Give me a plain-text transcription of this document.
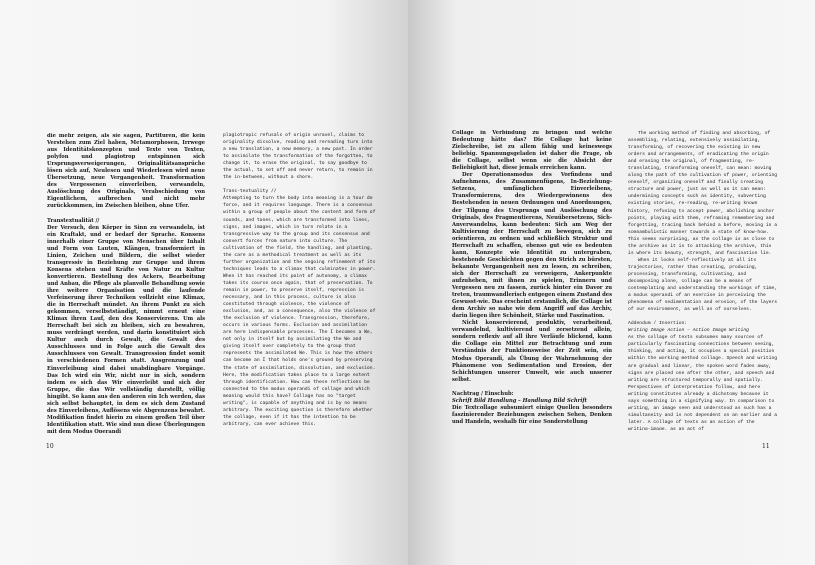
die mehr zeigen, als sie sagen, Partituren, die kein Verstehen zum Ziel haben, Metamorphosen, Irrwege aus Identitätskonzepten und Texte von Texten, polyfon und plagiotrop entspinnen sich Ursprungsverweigerungen, Originalitätsansprüche lösen sich auf, Neulesen und Wiederlesen wird neue Übersetzung, neue Vergangenheit. Transformation des Vergessenen einverleiben, verwandeln, Auslöschung des Originals, Verabschiedung von Eigentlichem, aufbrechen und nicht mehr zurückkommen, im Zwischen bleiben, ohne Ufer.

Transtextualität //

Der Versuch, den Körper in Sinn zu verwandeln, ist ein Kraftakt, und er bedarf der Sprache. Konsens innerhalb einer Gruppe von Menschen über Inhalt und Form von Lauten, Klängen, transformiert in Linien, Zeichen und Bildern, die selbst wieder transgressiv in Beziehung zur Gruppe und ihrem Konsens stehen und Kräfte von Natur zu Kultur konvertieren. Bestellung des Ackers, Bearbeitung und Anbau, die Pflege als planvolle Behandlung sowie ihre weitere Organisation und die laufende Verfeinerung ihrer Techniken vollzieht eine Klimax, die in Herrschaft mündet. An ihrem Punkt zu sich gekommen, verselbstständigt, nimmt erneut eine Klimax ihren Lauf, den des Konservierens. Um als Herrschaft bei sich zu bleiben, sich zu bewahren, muss verdrängt werden, und darin konstituiert sich Kultur auch durch Gewalt, die Gewalt des Ausschlusses und in Folge auch die Gewalt des Ausschlusses von Gewalt. Transgression findet somit in verschiedenen Formen statt. Ausgrenzung und Einverleibung sind dabei unabdingbare Vorgänge. Das Ich wird ein Wir, nicht nur in sich, sondern indem es sich das Wir einverleibt und sich der Gruppe, die das Wir vollständig darstellt, völlig hingibt. So kann aus den anderen ein Ich werden, das sich selbst behauptet, in dem es sich dem Zustand des Einverleibens, Auflösens wie Abgrenzens bewahrt. Modifikation findet hierin zu einem großen Teil über Identifikation statt. Wie sind nun diese Überlegungen mit dem Modus Operandi

plagiotropic refusals of origin unravel, claims to originality dissolve, reading and rereading turn into a new translation, a new memory, a new past. In order to assimilate the transformation of the forgotten, to change it, to erase the original, to say goodbye to the actual, to set off and never return, to remain in the in-between, without a shore.

Trans-textuality //

Attempting to turn the body into meaning is a tour de force, and it requires language. There is a consensus within a group of people about the content and form of sounds, and tones, which are transformed into lines, signs, and images, which in turn relate in a transgressive way to the group and its consensus and convert forces from nature into culture. The cultivation of the field, the handling, and planting, the care as a methodical treatment as well as its further organization and the ongoing refinement of its techniques leads to a climax that culminates in power. When it has reached its point of autonomy, a climax takes its course once again, that of preservation. To remain in power, to preserve itself, repression is necessary, and in this process, culture is also constituted through violence, the violence of exclusion, and, as a consequence, also the violence of the exclusion of violence. Transgression, therefore, occurs in various forms. Exclusion and assimilation are here indispensable processes. The I becomes a We, not only in itself but by assimilating the We and giving itself over completely to the group that represents the assimilated We. This is how the others can become an I that holds one's ground by preserving the state of assimilation, dissolution, and exclusion. Here, the modification takes place to a large extent through identification. How can these reflections be connected to the modus operandi of collage and which meaning would this have? Collage has no "target writing", is capable of anything and is by no means arbitrary. The exciting question is therefore whether the collage, even if it has the intention to be arbitrary, can ever achieve this.

10

Collage in Verbindung zu bringen und welche Bedeutung hätte das? Die Collage hat keine Zielschreibe, ist zu allem fähig und keineswegs beliebig. Spannungsgeladen ist daher die Frage, ob die Collage, selbst wenn sie die Absicht der Beliebigkeit hat, diese jemals erreichen kann.

Der Operationsmodus des Vorfindens und Aufnehmens, des Zusammenfügens, In-Beziehung-Setzens, umfänglichen Einverleibens, Transformierens, des Wiedergewinnens des Bestehenden in neuen Ordnungen und Anordnungen, der Tilgung des Ursprungs und Auslöschung des Originals, des Fragmentierens, Neuübersetzens, Sich-Anverwandelns, kann bedeuten: Sich am Weg der Kultivierung der Herrschaft zu bewegen, sich zu orientieren, zu ordnen und schließlich Struktur und Herrschaft zu schaffen, ebenso gut wie es bedeuten kann, Konzepte wie Identität zu untergraben, bestehende Geschichten gegen den Strich zu bürsten, bekannte Vergangenheit neu zu lesen, zu schreiben, sich der Herrschaft zu verweigern, Ankerpunkte aufzuheben, mit ihnen zu spielen, Erinnern und Vergessen neu zu fassen, zurück hinter ein Davor zu treten, traumwandlerisch entgegen einem Zustand des Gewusst-wie. Das erscheint erstaunlich, die Collage ist dem Archiv so nahe wie dem Angriff auf das Archiv, darin liegen ihre Schönheit, Stärke und Faszination.

Nicht konservierend, produktiv, verarbeitend, verwandelnd, kultivierend und zersetzend allein, sondern reflexiv auf all ihre Verläufe blickend, kann die Collage ein Mittel zur Betrachtung und zum Verständnis der Funktionsweise der Zeit sein, ein Modus Operandi, als Übung der Wahrnehmung der Phänomene von Sedimentation und Erosion, der Schichtungen unserer Umwelt, wie auch unserer selbst.

Nachtrag / Einschub:

Schrift Bild Handlung – Handlung Bild Schrift

Die Textcollage subsumiert einige Quellen besonders faszinierender Beziehungen zwischen Sehen, Denken und Handeln, weshalb für eine Sonderstellung

The working method of finding and absorbing, of assembling, relating, extensively assimilating, transforming, of recovering the existing in new orders and arrangements, of eradicating the origin and erasing the original, of fragmenting, re-translating, transforming oneself, can mean: moving along the path of the cultivation of power, orienting oneself, organizing oneself and finally creating structure and power, just as well as it can mean: undermining concepts such as identity, subverting existing stories, re-reading, re-writing known history, refusing to accept power, abolishing anchor points, playing with them, reframing remembering and forgetting, tracing back behind a before, moving in a somnambulistic manner towards a state of know-how. This seems surprising, as the collage is as close to the archive as it is to attacking the archive, this is where its beauty, strength, and fascination lie.

When it looks self-reflectively at all its trajectories, rather than creating, producing, processing, transforming, cultivating, and decomposing alone, collage can be a means of contemplating and understanding the workings of time, a modus operandi of an exercise in perceiving the phenomena of sedimentation and erosion, of the layers of our environment, as well as of ourselves.

Addendum / Insertion:

Writing Image Action – Action Image Writing

As the collage of texts subsumes many sources of particularly fascinating connections between seeing, thinking, and acting, it occupies a special position within the working method collage. Speech and writing are gradual and linear, the spoken word fades away, signs are placed one after the other, and speech and writing are structured temporally and spatially. Perspectives of interpretation follow, and here writing constitutes already a dichotomy because it says something in a signifying way. In comparison to writing, an image seen and understood as such has a simultaneity and is not dependent on an earlier and a later. A collage of texts as an action of the writing-image, as an act of

11
